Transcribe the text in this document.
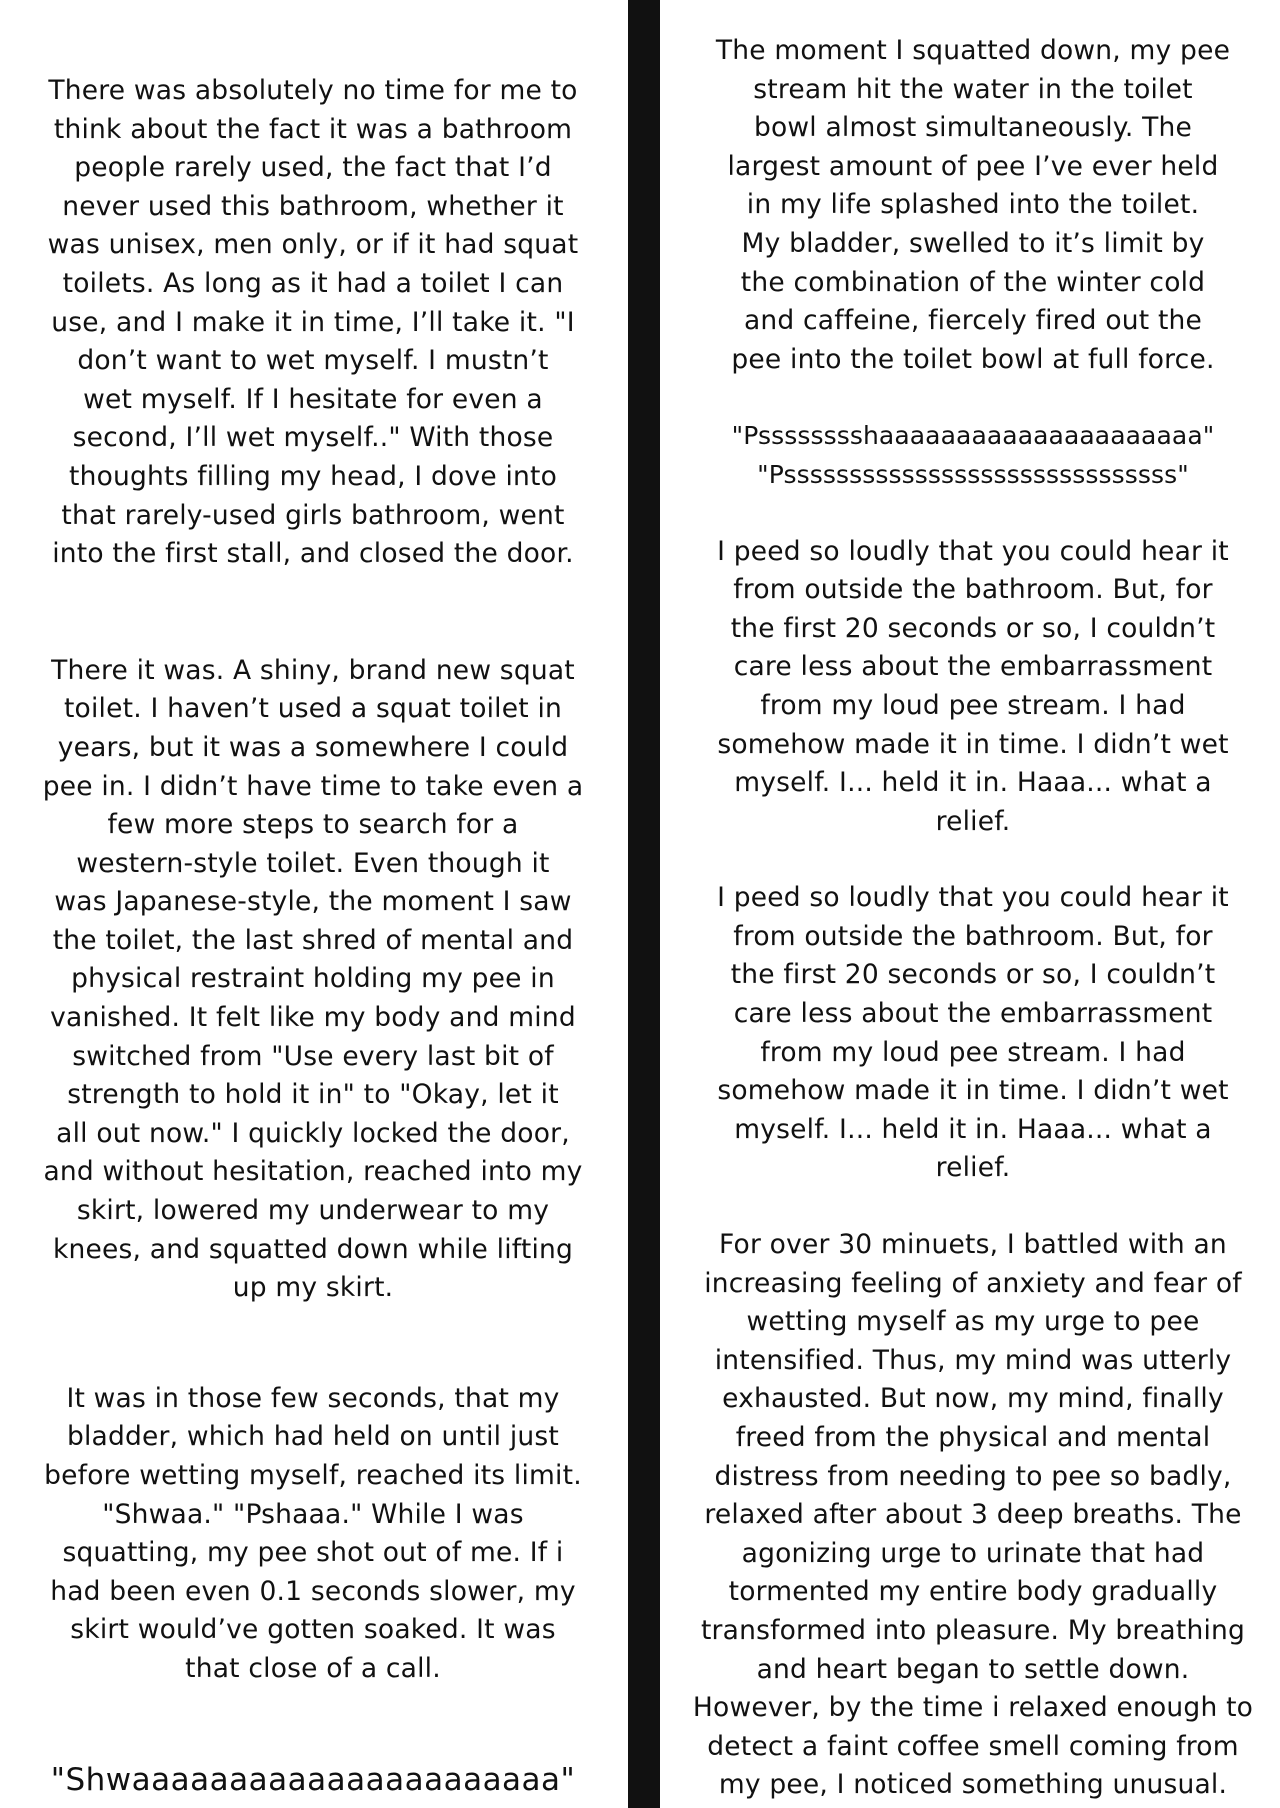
There was absolutely no time for me to
think about the fact it was a bathroom
people rarely used, the fact that I’d
never used this bathroom, whether it
was unisex, men only, or if it had squat
toilets. As long as it had a toilet I can
use, and I make it in time, I’ll take it. "I
don’t want to wet myself. I mustn’t
wet myself. If I hesitate for even a
second, I’ll wet myself.." With those
thoughts filling my head, I dove into
that rarely-used girls bathroom, went
into the first stall, and closed the door.

There it was. A shiny, brand new squat
toilet. I haven’t used a squat toilet in
years, but it was a somewhere I could
pee in. I didn’t have time to take even a
few more steps to search for a
western-style toilet. Even though it
was Japanese-style, the moment I saw
the toilet, the last shred of mental and
physical restraint holding my pee in
vanished. It felt like my body and mind
switched from "Use every last bit of
strength to hold it in" to "Okay, let it
all out now." I quickly locked the door,
and without hesitation, reached into my
skirt, lowered my underwear to my
knees, and squatted down while lifting
up my skirt.

It was in those few seconds, that my
bladder, which had held on until just
before wetting myself, reached its limit.
"Shwaa." "Pshaaa." While I was
squatting, my pee shot out of me. If i
had been even 0.1 seconds slower, my
skirt would’ve gotten soaked. It was
that close of a call.

"Shwaaaaaaaaaaaaaaaaaaaaaa"

The moment I squatted down, my pee
stream hit the water in the toilet
bowl almost simultaneously. The
largest amount of pee I’ve ever held
in my life splashed into the toilet.
My bladder, swelled to it’s limit by
the combination of the winter cold
and caffeine, fiercely fired out the
pee into the toilet bowl at full force.

"Psssssssshaaaaaaaaaaaaaaaaaaaaa"
"Pssssssssssssssssssssssssssssss"

I peed so loudly that you could hear it
from outside the bathroom. But, for
the first 20 seconds or so, I couldn’t
care less about the embarrassment
from my loud pee stream. I had
somehow made it in time. I didn’t wet
myself. I... held it in. Haaa... what a
relief.

I peed so loudly that you could hear it
from outside the bathroom. But, for
the first 20 seconds or so, I couldn’t
care less about the embarrassment
from my loud pee stream. I had
somehow made it in time. I didn’t wet
myself. I... held it in. Haaa... what a
relief.

For over 30 minuets, I battled with an
increasing feeling of anxiety and fear of
wetting myself as my urge to pee
intensified. Thus, my mind was utterly
exhausted. But now, my mind, finally
freed from the physical and mental
distress from needing to pee so badly,
relaxed after about 3 deep breaths. The
agonizing urge to urinate that had
tormented my entire body gradually
transformed into pleasure. My breathing
and heart began to settle down.
However, by the time i relaxed enough to
detect a faint coffee smell coming from
my pee, I noticed something unusual.
